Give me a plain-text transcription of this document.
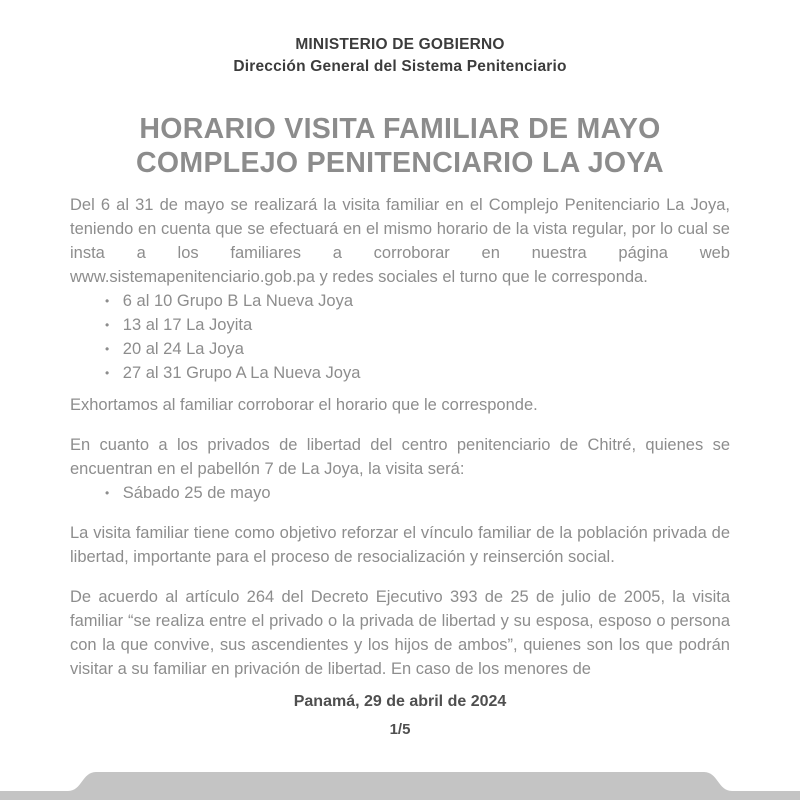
MINISTERIO DE GOBIERNO
Dirección General del Sistema Penitenciario
HORARIO VISITA FAMILIAR DE MAYO
COMPLEJO PENITENCIARIO LA JOYA

Del 6 al 31 de mayo se realizará la visita familiar en el Complejo Penitenciario La Joya, teniendo en cuenta que se efectuará en el mismo horario de la vista regular, por lo cual se insta a los familiares a corroborar en nuestra página web www.sistemapenitenciario.gob.pa y redes sociales el turno que le corresponda.

• 6 al 10 Grupo B La Nueva Joya
• 13 al 17 La Joyita
• 20 al 24 La Joya
• 27 al 31 Grupo A La Nueva Joya

Exhortamos al familiar corroborar el horario que le corresponde.

En cuanto a los privados de libertad del centro penitenciario de Chitré, quienes se encuentran en el pabellón 7 de La Joya, la visita será:

• Sábado 25 de mayo

La visita familiar tiene como objetivo reforzar el vínculo familiar de la población privada de libertad, importante para el proceso de resocialización y reinserción social.

De acuerdo al artículo 264 del Decreto Ejecutivo 393 de 25 de julio de 2005, la visita familiar “se realiza entre el privado o la privada de libertad y su esposa, esposo o persona con la que convive, sus ascendientes y los hijos de ambos”, quienes son los que podrán visitar a su familiar en privación de libertad. En caso de los menores de

Panamá, 29 de abril de 2024
1/5
